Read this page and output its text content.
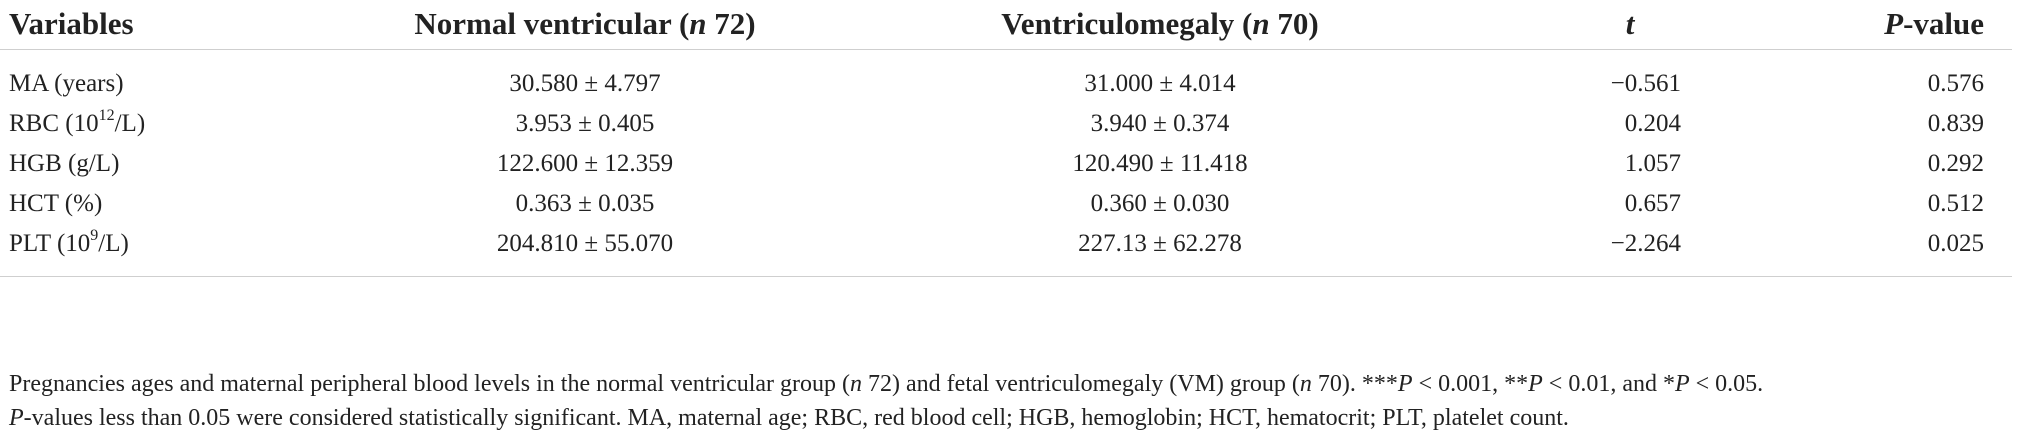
Variables	Normal ventricular (n 72)	Ventriculomegaly (n 70)	t	P-value
MA (years)	30.580 ± 4.797	31.000 ± 4.014	−0.561	0.576
RBC $(10^{12}/L)$	3.953 ± 0.405	3.940 ± 0.374	0.204	0.839
HGB (g/L)	122.600 ± 12.359	120.490 ± 11.418	1.057	0.292
HCT (%)	0.363 ± 0.035	0.360 ± 0.030	0.657	0.512
PLT $(10^9/L)$	204.810 ± 55.070	227.13 ± 62.278	−2.264	0.025

Pregnancies ages and maternal peripheral blood levels in the normal ventricular group (n 72) and fetal ventriculomegaly (VM) group (n 70). ***P < 0.001, **P < 0.01, and *P < 0.05.

P-values less than 0.05 were considered statistically significant. MA, maternal age; RBC, red blood cell; HGB, hemoglobin; HCT, hematocrit; PLT, platelet count.
